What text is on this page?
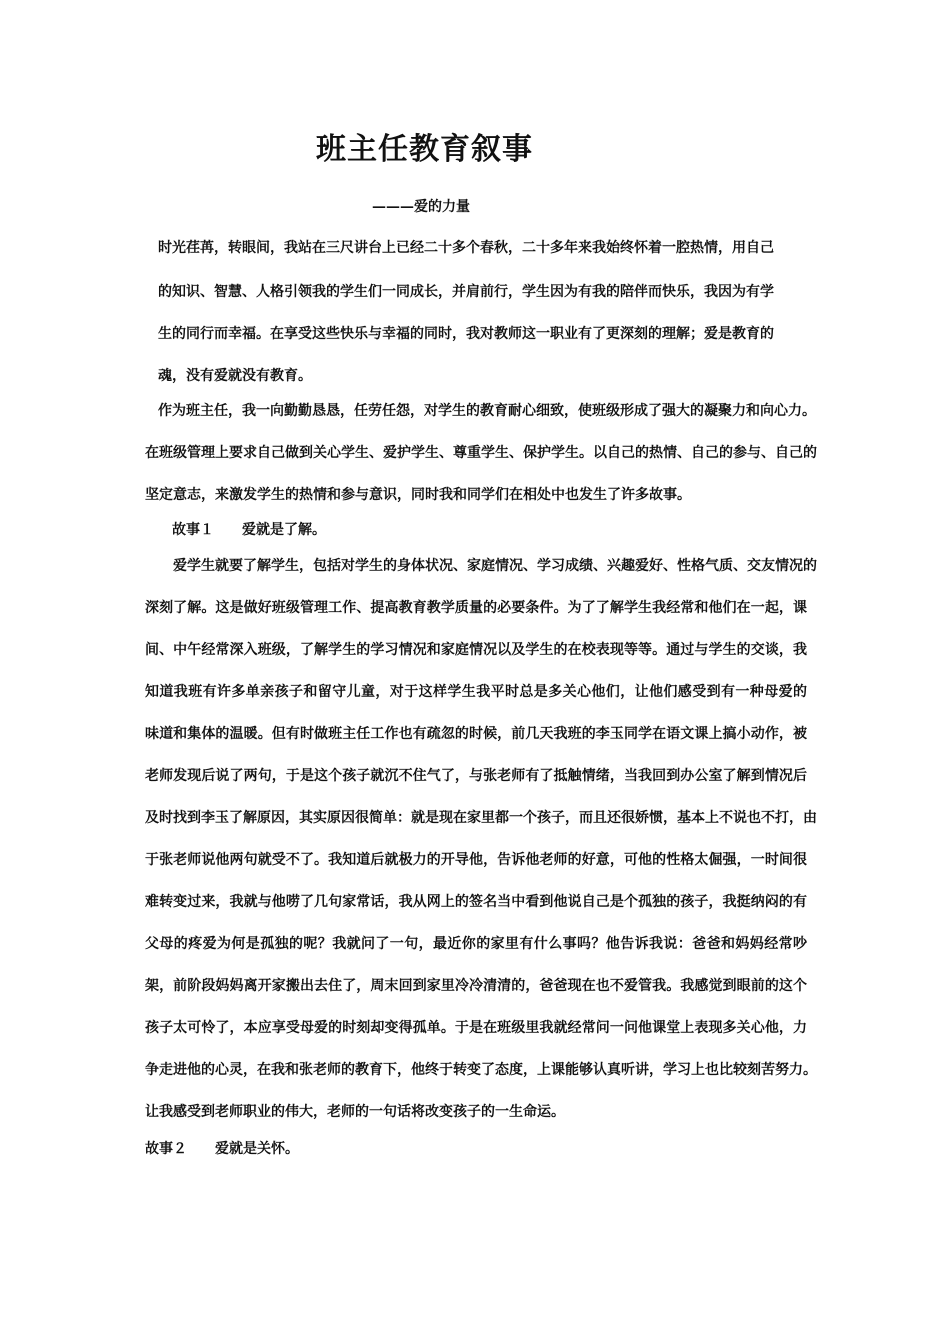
班主任教育叙事
———爱的力量
时光荏苒，转眼间，我站在三尺讲台上已经二十多个春秋，二十多年来我始终怀着一腔热情，用自己
的知识、智慧、人格引领我的学生们一同成长，并肩前行，学生因为有我的陪伴而快乐，我因为有学
生的同行而幸福。在享受这些快乐与幸福的同时，我对教师这一职业有了更深刻的理解；爱是教育的
魂，没有爱就没有教育。
作为班主任，我一向勤勤恳恳，任劳任怨，对学生的教育耐心细致，使班级形成了强大的凝聚力和向心力。
在班级管理上要求自己做到关心学生、爱护学生、尊重学生、保护学生。以自己的热情、自己的参与、自己的
坚定意志，来激发学生的热情和参与意识，同时我和同学们在相处中也发生了许多故事。
故事１　　爱就是了解。
　　爱学生就要了解学生，包括对学生的身体状况、家庭情况、学习成绩、兴趣爱好、性格气质、交友情况的
深刻了解。这是做好班级管理工作、提高教育教学质量的必要条件。为了了解学生我经常和他们在一起，课
间、中午经常深入班级，了解学生的学习情况和家庭情况以及学生的在校表现等等。通过与学生的交谈，我
知道我班有许多单亲孩子和留守儿童，对于这样学生我平时总是多关心他们，让他们感受到有一种母爱的
味道和集体的温暖。但有时做班主任工作也有疏忽的时候，前几天我班的李玉同学在语文课上搞小动作，被
老师发现后说了两句，于是这个孩子就沉不住气了，与张老师有了抵触情绪，当我回到办公室了解到情况后
及时找到李玉了解原因，其实原因很简单：就是现在家里都一个孩子，而且还很娇惯，基本上不说也不打，由
于张老师说他两句就受不了。我知道后就极力的开导他，告诉他老师的好意，可他的性格太倔强，一时间很
难转变过来，我就与他唠了几句家常话，我从网上的签名当中看到他说自己是个孤独的孩子，我挺纳闷的有
父母的疼爱为何是孤独的呢？我就问了一句，最近你的家里有什么事吗？他告诉我说：爸爸和妈妈经常吵
架，前阶段妈妈离开家搬出去住了，周末回到家里冷冷清清的，爸爸现在也不爱管我。我感觉到眼前的这个
孩子太可怜了，本应享受母爱的时刻却变得孤单。于是在班级里我就经常问一问他课堂上表现多关心他，力
争走进他的心灵，在我和张老师的教育下，他终于转变了态度，上课能够认真听讲，学习上也比较刻苦努力。
让我感受到老师职业的伟大，老师的一句话将改变孩子的一生命运。
故事２　　爱就是关怀。
